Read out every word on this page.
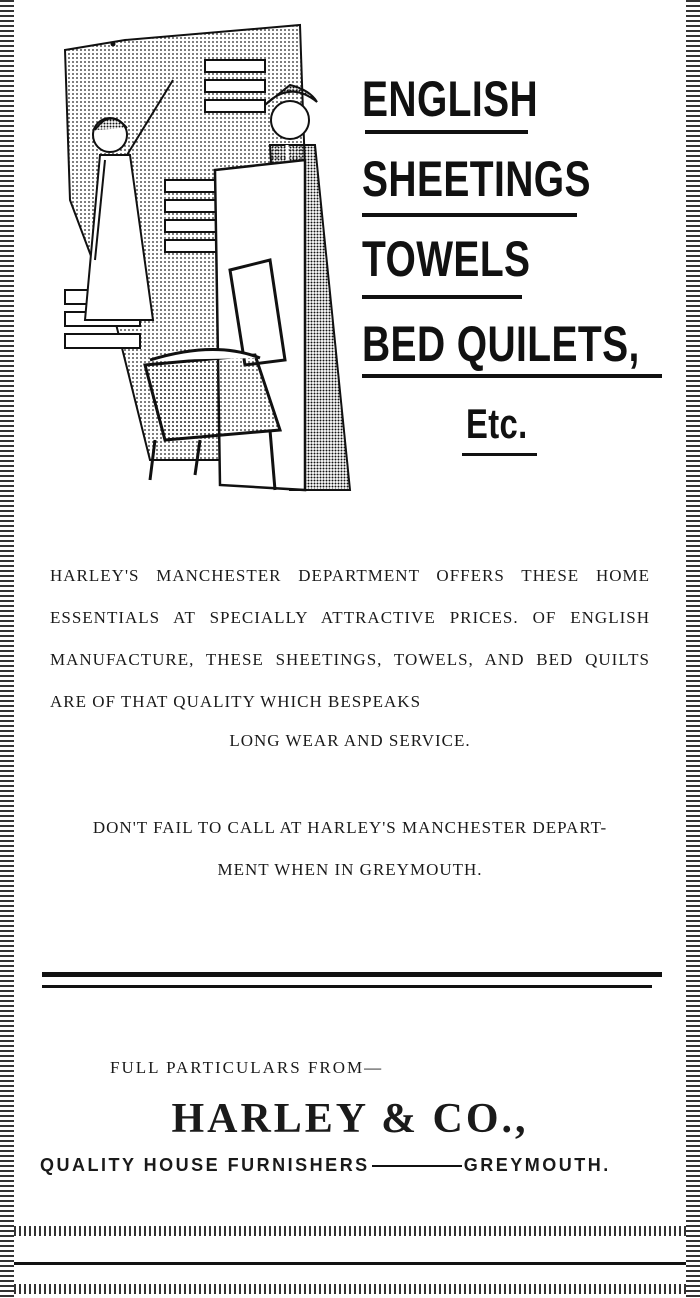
ENGLISH
SHEETINGS
TOWELS
BED QUILETS,
Etc.

HARLEY'S MANCHESTER DEPARTMENT OFFERS THESE HOME ESSENTIALS AT SPECIALLY ATTRACTIVE PRICES. OF ENGLISH MANUFACTURE, THESE SHEETINGS, TOWELS, AND BED QUILTS ARE OF THAT QUALITY WHICH BESPEAKS

LONG WEAR AND SERVICE.

DON'T FAIL TO CALL AT HARLEY'S MANCHESTER DEPART-

MENT WHEN IN GREYMOUTH.

FULL PARTICULARS FROM—

HARLEY & CO.,
QUALITY HOUSE FURNISHERS	GREYMOUTH.
